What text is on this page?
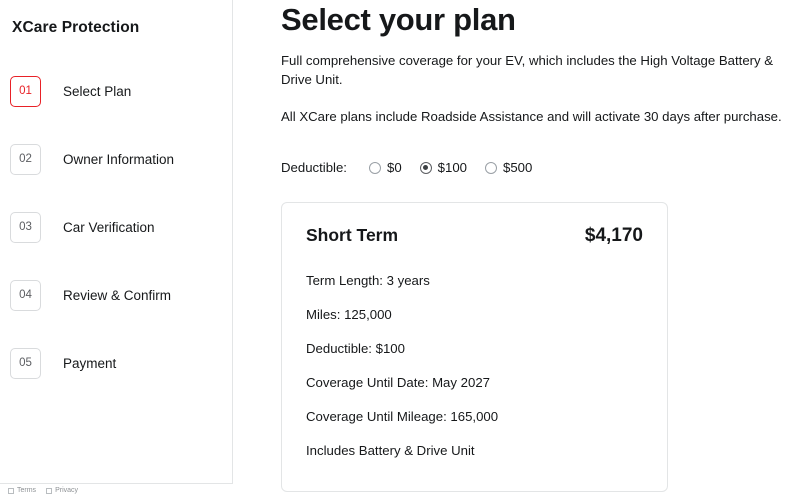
XCare Protection
01	Select Plan
02	Owner Information
03	Car Verification
04	Review & Confirm
05	Payment
Terms	Privacy
Select your plan

Full comprehensive coverage for your EV, which includes the High Voltage Battery & Drive Unit.

All XCare plans include Roadside Assistance and will activate 30 days after purchase.

Deductible:	$0	$100	$500
Short Term	$4,170
Term Length: 3 years
Miles: 125,000
Deductible: $100
Coverage Until Date: May 2027
Coverage Until Mileage: 165,000
Includes Battery & Drive Unit
